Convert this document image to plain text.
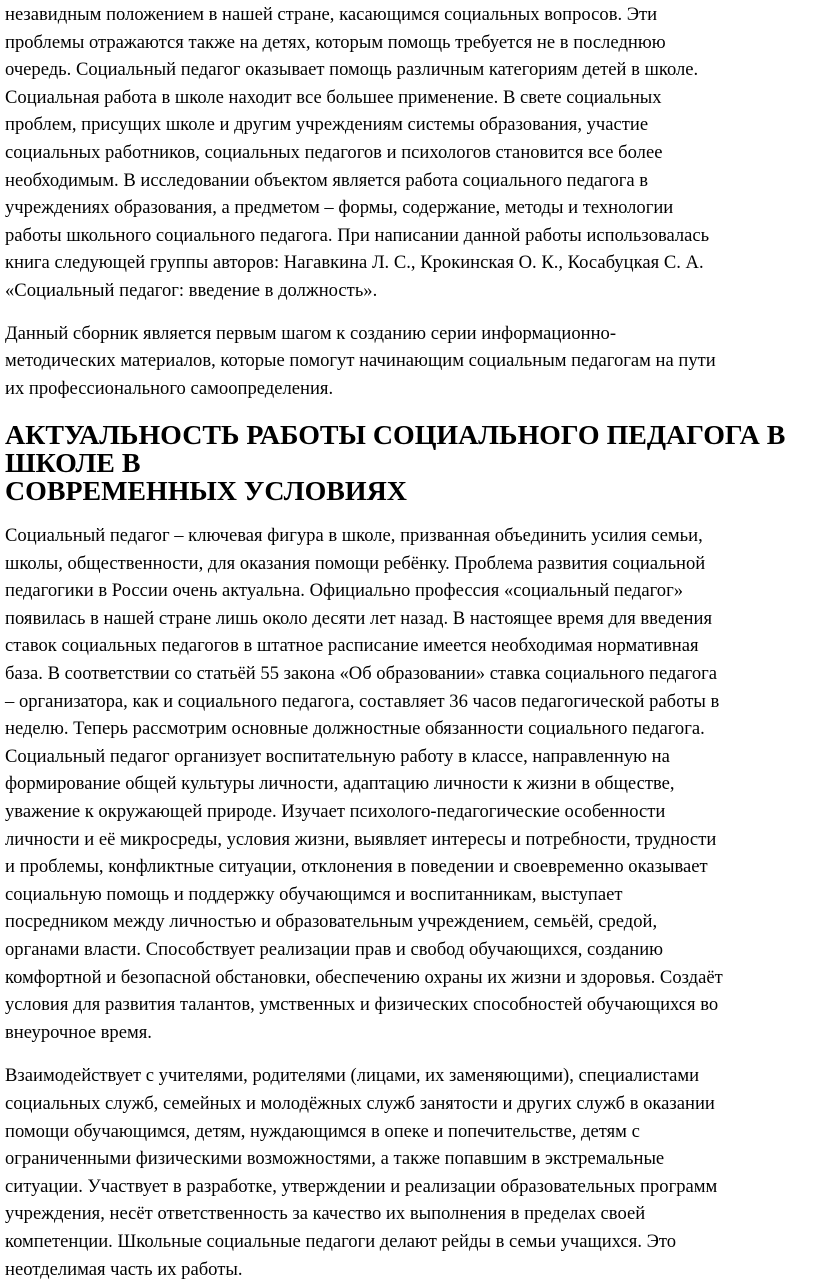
незавидным положением в нашей стране, касающимся социальных вопросов. Эти
проблемы отражаются также на детях, которым помощь требуется не в последнюю
очередь. Социальный педагог оказывает помощь различным категориям детей в школе.
Социальная работа в школе находит все большее применение. В свете социальных
проблем, присущих школе и другим учреждениям системы образования, участие
социальных работников, социальных педагогов и психологов становится все более
необходимым. В исследовании объектом является работа социального педагога в
учреждениях образования, а предметом – формы, содержание, методы и технологии
работы школьного социального педагога. При написании данной работы использовалась
книга следующей группы авторов: Нагавкина Л. С., Крокинская О. К., Косабуцкая С. А.
«Социальный педагог: введение в должность».

Данный сборник является первым шагом к созданию серии информационно-
методических материалов, которые помогут начинающим социальным педагогам на пути
их профессионального самоопределения.

АКТУАЛЬНОСТЬ РАБОТЫ СОЦИАЛЬНОГО ПЕДАГОГА В ШКОЛЕ В
СОВРЕМЕННЫХ УСЛОВИЯХ

Социальный педагог – ключевая фигура в школе, призванная объединить усилия семьи,
школы, общественности, для оказания помощи ребёнку. Проблема развития социальной
педагогики в России очень актуальна. Официально профессия «социальный педагог»
появилась в нашей стране лишь около десяти лет назад. В настоящее время для введения
ставок социальных педагогов в штатное расписание имеется необходимая нормативная
база. В соответствии со статьёй 55 закона «Об образовании» ставка социального педагога
– организатора, как и социального педагога, составляет 36 часов педагогической работы в
неделю. Теперь рассмотрим основные должностные обязанности социального педагога.
Социальный педагог организует воспитательную работу в классе, направленную на
формирование общей культуры личности, адаптацию личности к жизни в обществе,
уважение к окружающей природе. Изучает психолого-педагогические особенности
личности и её микросреды, условия жизни, выявляет интересы и потребности, трудности
и проблемы, конфликтные ситуации, отклонения в поведении и своевременно оказывает
социальную помощь и поддержку обучающимся и воспитанникам, выступает
посредником между личностью и образовательным учреждением, семьёй, средой,
органами власти. Способствует реализации прав и свобод обучающихся, созданию
комфортной и безопасной обстановки, обеспечению охраны их жизни и здоровья. Создаёт
условия для развития талантов, умственных и физических способностей обучающихся во
внеурочное время.

Взаимодействует с учителями, родителями (лицами, их заменяющими), специалистами
социальных служб, семейных и молодёжных служб занятости и других служб в оказании
помощи обучающимся, детям, нуждающимся в опеке и попечительстве, детям с
ограниченными физическими возможностями, а также попавшим в экстремальные
ситуации. Участвует в разработке, утверждении и реализации образовательных программ
учреждения, несёт ответственность за качество их выполнения в пределах своей
компетенции. Школьные социальные педагоги делают рейды в семьи учащихся. Это
неотделимая часть их работы.
